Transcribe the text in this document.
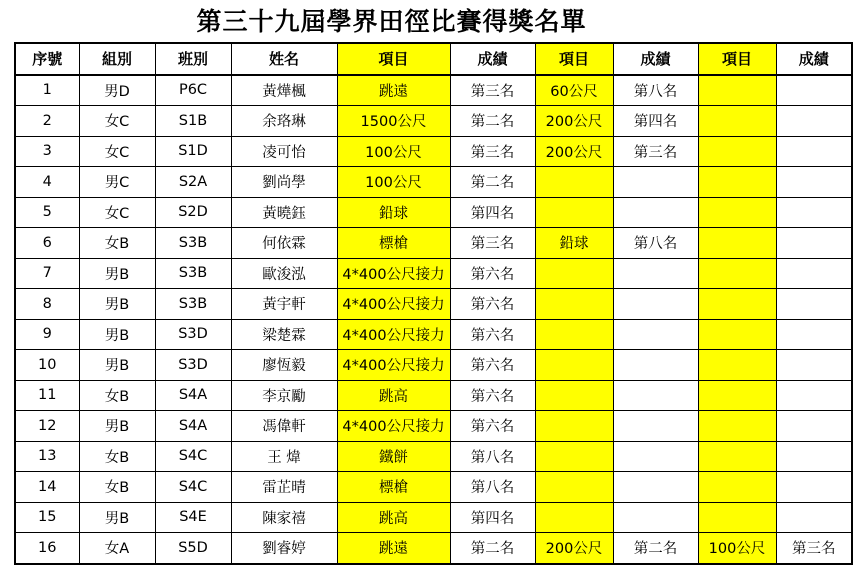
第三十九屆學界田徑比賽得獎名單
序號	組別	班別	姓名	項目	成績	項目	成績	項目	成績
1	男D	P6C	黃燁楓	跳遠	第三名	60公尺	第八名		
2	女C	S1B	余珞琳	1500公尺	第二名	200公尺	第四名		
3	女C	S1D	凌可怡	100公尺	第三名	200公尺	第三名		
4	男C	S2A	劉尚學	100公尺	第二名				
5	女C	S2D	黃曉鈺	鉛球	第四名				
6	女B	S3B	何依霖	標槍	第三名	鉛球	第八名		
7	男B	S3B	歐浚泓	4*400公尺接力	第六名				
8	男B	S3B	黃宇軒	4*400公尺接力	第六名				
9	男B	S3D	梁楚霖	4*400公尺接力	第六名				
10	男B	S3D	廖恆毅	4*400公尺接力	第六名				
11	女B	S4A	李京勵	跳高	第六名				
12	男B	S4A	馮偉軒	4*400公尺接力	第六名				
13	女B	S4C	王 煒	鐵餅	第八名				
14	女B	S4C	雷芷晴	標槍	第八名				
15	男B	S4E	陳家禧	跳高	第四名				
16	女A	S5D	劉睿婷	跳遠	第二名	200公尺	第二名	100公尺	第三名
